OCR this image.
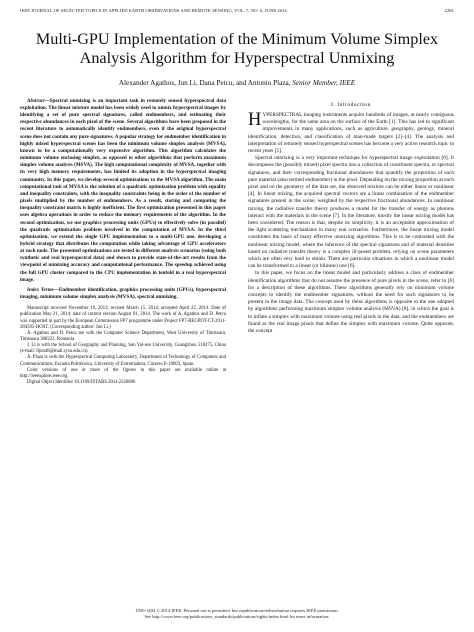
IEEE JOURNAL OF SELECTED TOPICS IN APPLIED EARTH OBSERVATIONS AND REMOTE SENSING, VOL. 7, NO. 6, JUNE 2014	2281
Multi-GPU Implementation of the Minimum Volume Simplex Analysis Algorithm for Hyperspectral Unmixing
Alexander Agathos, Jun Li, Dana Petcu, and Antonio Plaza, Senior Member, IEEE

Abstract—Spectral unmixing is an important task in remotely sensed hyperspectral data exploitation. The linear mixture model has been widely used to unmix hyperspectral images by identifying a set of pure spectral signatures, called endmembers, and estimating their respective abundances in each pixel of the scene. Several algorithms have been proposed in the recent literature to automatically identify endmembers, even if the original hyperspectral scene does not contain any pure signatures. A popular strategy for endmember identification in highly mixed hyperspectral scenes has been the minimum volume simplex analysis (MVSA), known to be a computationally very expensive algorithm. This algorithm calculates the minimum volume enclosing simplex, as opposed to other algorithms that perform maximum simplex volume analysis (MSVA). The high computational complexity of MVSA, together with its very high memory requirements, has limited its adoption in the hyperspectral imaging community. In this paper, we develop several optimizations to the MVSA algorithm. The main computational task of MVSA is the solution of a quadratic optimization problem with equality and inequality constraints, with the inequality constraints being in the order of the number of pixels multiplied by the number of endmembers. As a result, storing and computing the inequality constraint matrix is highly inefficient. The first optimization presented in this paper uses algebra operations in order to reduce the memory requirements of the algorithm. In the second optimization, we use graphics processing units (GPUs) to effectively solve (in parallel) the quadratic optimization problem involved in the computation of MVSA. In the third optimization, we extend the single GPU implementation to a multi-GPU one, developing a hybrid strategy that distributes the computation while taking advantage of GPU accelerators at each node. The presented optimizations are tested in different analysis scenarios (using both synthetic and real hyperspectral data) and shown to provide state-of-the-art results from the viewpoint of unmixing accuracy and computational performance. The speedup achieved using the full GPU cluster compared to the CPU implementation in tenfold in a real hyperspectral image.

Index Terms—Endmember identification, graphics processing units (GPUs), hyperspectral imaging, minimum volume simplex analysis (MVSA), spectral unmixing.

Manuscript received November 19, 2013; revised March 15, 2014; accepted April 22, 2014. Date of publication May 21, 2014; date of current version August 01, 2014. The work of A. Agathos and D. Petcu was supported in part by the European Commission FP7 programme under Project FP7-REGPOT-CT-2011-284595-HOST. (Corresponding author: Jun Li.)

A. Agathos and D. Petcu are with the Computer Science Department, West University of Timisoara, Timisoara 300223, Romania.

J. Li is with the School of Geography and Planning, Sun Yat-sen University, Guangzhou 510275, China (e-mail: lijun48@mail.sysu.edu.cn).

A. Plaza is with the Hyperspectral Computing Laboratory, Department of Technology of Computers and Communications, Escuela Politécnica, University of Extremadura, Cáceres E-10003, Spain.

Color versions of one or more of the figures in this paper are available online at http://ieeexplore.ieee.org.

Digital Object Identifier 10.1109/JSTARS.2014.2320896

I. Introduction

HYPERSPECTRAL imaging instruments acquire hundreds of images, at nearly contiguous wavelengths, for the same area on the surface of the Earth [1]. This has led to significant improvements in many applications, such as agriculture, geography, geology, mineral identification, detection, and classification of man-made targets [2]–[4]. The analysis and interpretation of remotely sensed hyperspectral scenes has become a very active research topic in recent years [5].

Spectral unmixing is a very important technique for hyperspectral image exploitation [6]. It decomposes the (possibly mixed) pixel spectra into a collection of constituent spectra, or spectral signatures, and their corresponding fractional abundances that quantify the proportion of each pure material (also termed endmember) in the pixel. Depending on the mixing proportion at each pixel and on the geometry of the data set, the observed mixture can be either linear or nonlinear [4]. In linear mixing, the acquired spectral vectors are a linear combination of the endmember signatures present in the scene, weighted by the respective fractional abundances. In nonlinear mixing, the radiative transfer theory produces a model for the transfer of energy as photons interact with the materials in the scene [7]. In the literature, mostly the linear mixing model has been considered. The reason is that, despite its simplicity, it is an acceptable approximation of the light scattering mechanisms in many real scenarios. Furthermore, the linear mixing model constitutes the basis of many effective unmixing algorithms. This is to be contrasted with the nonlinear mixing model, where the inference of the spectral signatures and of material densities based on radiative transfer theory is a complex ill-posed problem, relying on scene parameters which are often very hard to obtain. There are particular situations in which a nonlinear model can be transformed to a linear (or bilinear) one [6].

In this paper, we focus on the linear model and particularly address a class of endmember identification algorithms that do not assume the presence of pure pixels in the scene, refer to [6] for a description of these algorithms. These algorithms generally rely on minimum volume concepts to identify the endmember signatures, without the need for such signatures to be present in the image data. The concept used by these algorithms is opposite to the one adopted by algorithms performing maximum simplex volume analysis (MSVA) [8], in which the goal is to inflate a simplex with maximum volume using real pixels in the data, and the endmembers are found as the real image pixels that define the simplex with maximum volume. Quite opposite, the concept

1939-1404 © 2014 IEEE. Personal use is permitted, but republication/redistribution requires IEEE permission.
See http://www.ieee.org/publications_standards/publications/rights/index.html for more information.
